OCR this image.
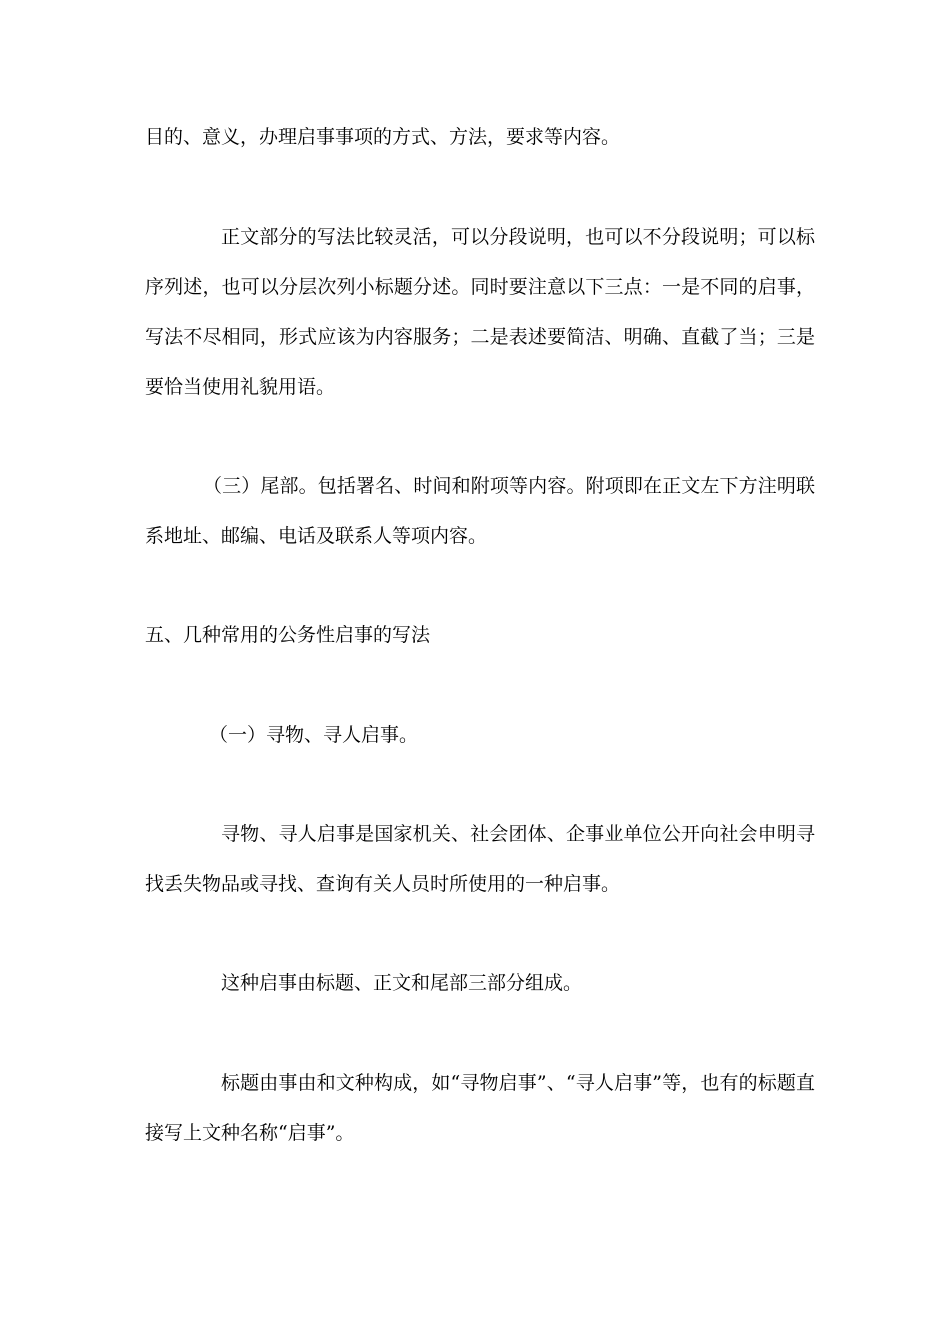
目的、意义，办理启事事项的方式、方法，要求等内容。

正文部分的写法比较灵活，可以分段说明，也可以不分段说明；可以标序列述，也可以分层次列小标题分述。同时要注意以下三点：一是不同的启事，写法不尽相同，形式应该为内容服务；二是表述要简洁、明确、直截了当；三是要恰当使用礼貌用语。

（三）尾部。包括署名、时间和附项等内容。附项即在正文左下方注明联系地址、邮编、电话及联系人等项内容。

五、几种常用的公务性启事的写法

（一）寻物、寻人启事。

寻物、寻人启事是国家机关、社会团体、企事业单位公开向社会申明寻找丢失物品或寻找、查询有关人员时所使用的一种启事。

这种启事由标题、正文和尾部三部分组成。

标题由事由和文种构成，如“寻物启事”、“寻人启事”等，也有的标题直接写上文种名称“启事”。
